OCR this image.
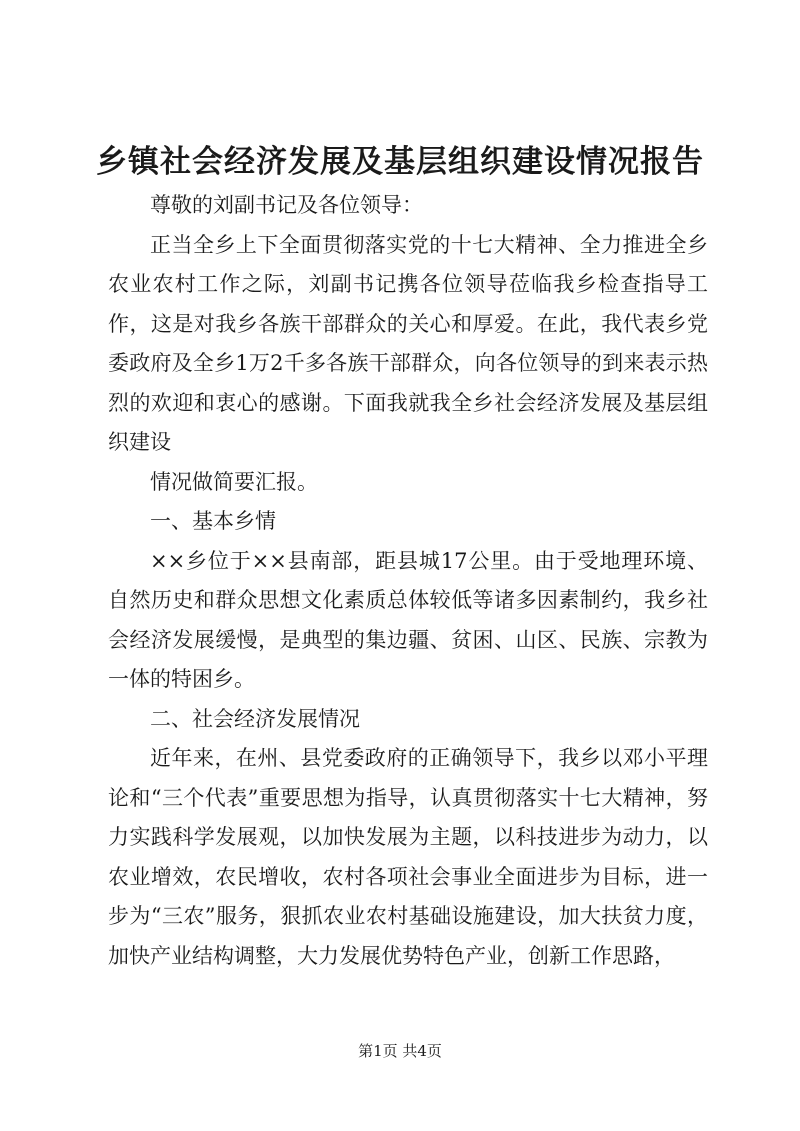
乡镇社会经济发展及基层组织建设情况报告

尊敬的刘副书记及各位领导：

正当全乡上下全面贯彻落实党的十七大精神、全力推进全乡农业农村工作之际，刘副书记携各位领导莅临我乡检查指导工作，这是对我乡各族干部群众的关心和厚爱。在此，我代表乡党委政府及全乡1万2千多各族干部群众，向各位领导的到来表示热烈的欢迎和衷心的感谢。下面我就我全乡社会经济发展及基层组织建设

情况做简要汇报。

一、基本乡情

××乡位于××县南部，距县城17公里。由于受地理环境、自然历史和群众思想文化素质总体较低等诸多因素制约，我乡社会经济发展缓慢，是典型的集边疆、贫困、山区、民族、宗教为一体的特困乡。

二、社会经济发展情况

近年来，在州、县党委政府的正确领导下，我乡以邓小平理论和“三个代表”重要思想为指导，认真贯彻落实十七大精神，努力实践科学发展观，以加快发展为主题，以科技进步为动力，以农业增效，农民增收，农村各项社会事业全面进步为目标，进一步为“三农”服务，狠抓农业农村基础设施建设，加大扶贫力度，加快产业结构调整，大力发展优势特色产业，创新工作思路，

第1页 共4页
